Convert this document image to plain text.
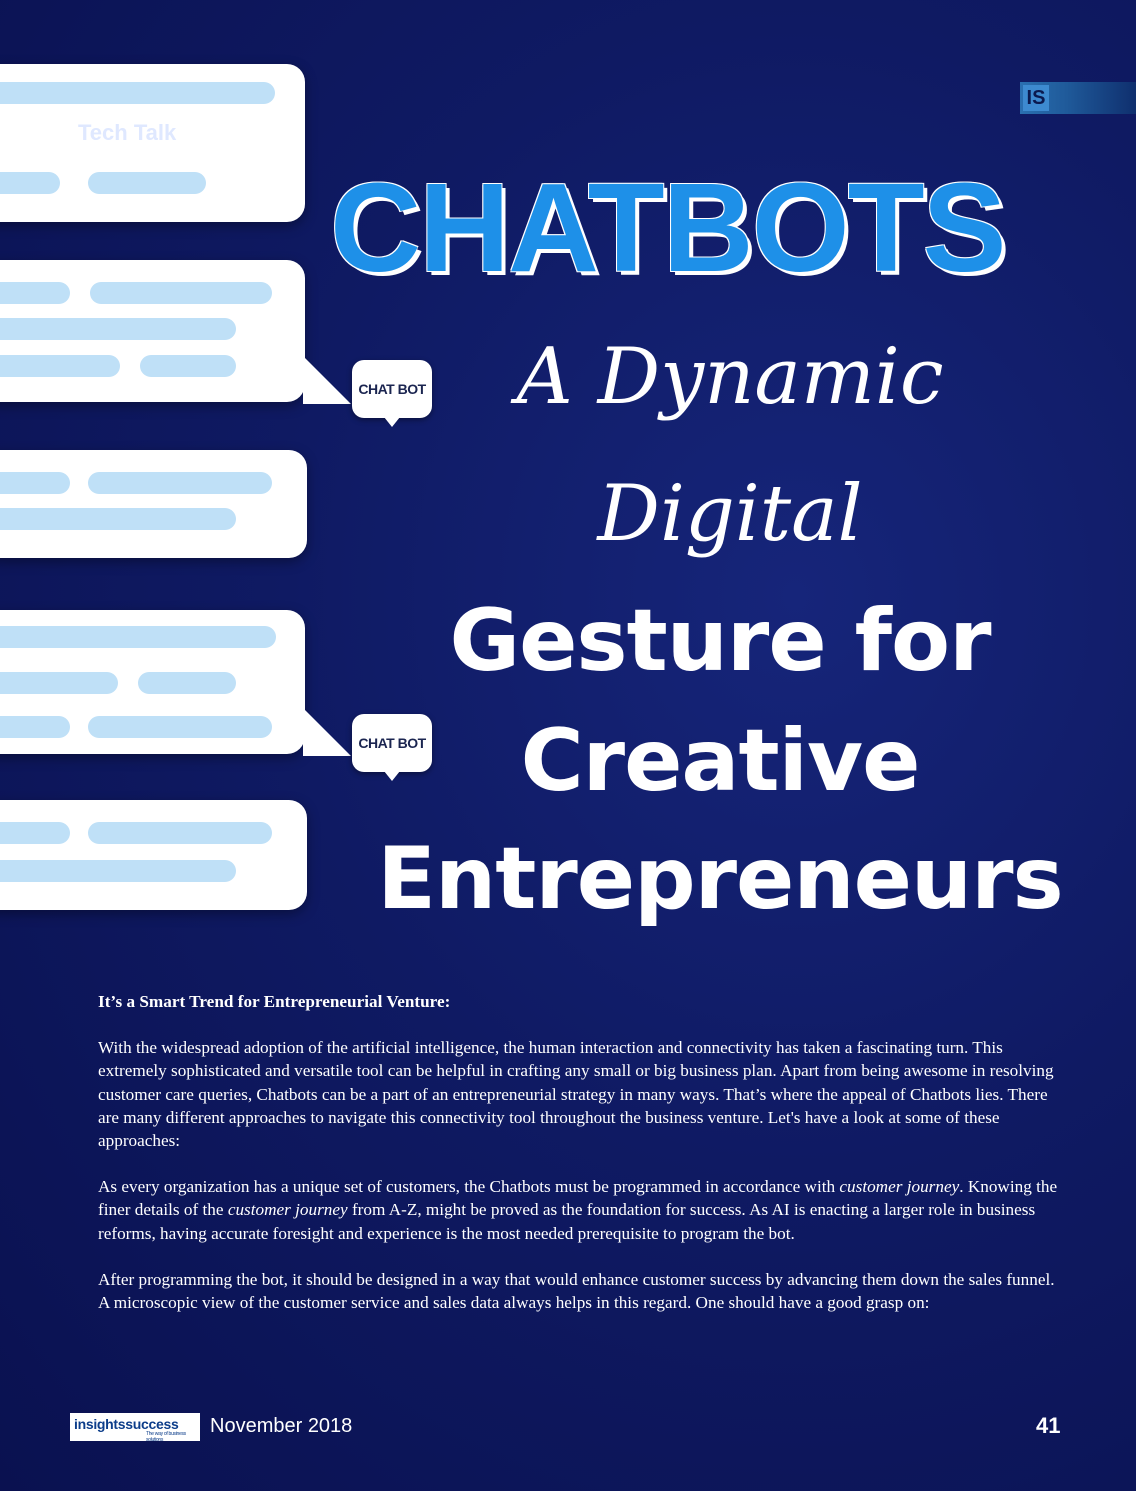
CHAT BOT
CHAT BOT
Tech Talk
IS
CHATBOTS
A Dynamic
Digital
Gesture for
Creative
Entrepreneurs

It’s a Smart Trend for Entrepreneurial Venture:

With the widespread adoption of the artificial intelligence, the human interaction and connectivity has taken a fascinating turn. This extremely sophisticated and versatile tool can be helpful in crafting any small or big business plan. Apart from being awesome in resolving customer care queries, Chatbots can be a part of an entrepreneurial strategy in many ways. That’s where the appeal of Chatbots lies. There are many different approaches to navigate this connectivity tool throughout the business venture. Let's have a look at some of these approaches:

As every organization has a unique set of customers, the Chatbots must be programmed in accordance with customer journey. Knowing the finer details of the customer journey from A-Z, might be proved as the foundation for success. As AI is enacting a larger role in business reforms, having accurate foresight and experience is the most needed prerequisite to program the bot.

After programming the bot, it should be designed in a way that would enhance customer success by advancing them down the sales funnel. A microscopic view of the customer service and sales data always helps in this regard. One should have a good grasp on:

insightssuccess
The way of business solutions
November 2018	41
